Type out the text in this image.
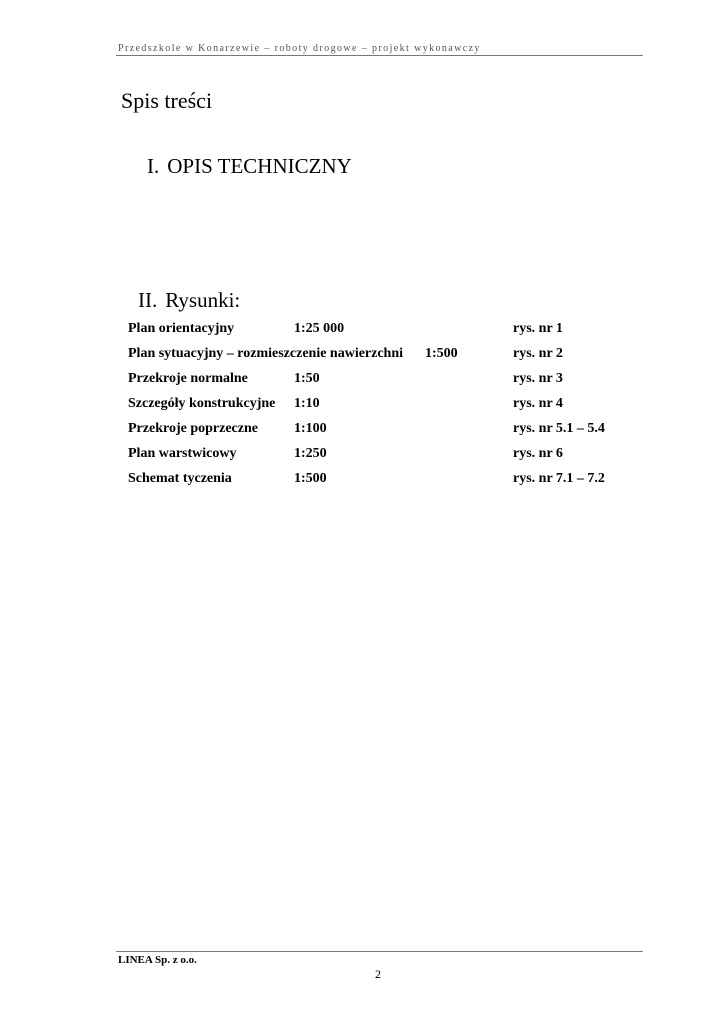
Przedszkole w Konarzewie – roboty drogowe – projekt wykonawczy
Spis treści
I. OPIS TECHNICZNY
II. Rysunki:
Plan orientacyjny	1:25 000	rys. nr 1
Plan sytuacyjny – rozmieszczenie nawierzchni 1:500	rys. nr 2
Przekroje normalne	1:50	rys. nr 3
Szczegóły konstrukcyjne 1:10	rys. nr 4
Przekroje poprzeczne	1:100	rys. nr 5.1 – 5.4
Plan warstwicowy	1:250	rys. nr 6
Schemat tyczenia	1:500	rys. nr 7.1 – 7.2
LINEA Sp. z o.o.
2
